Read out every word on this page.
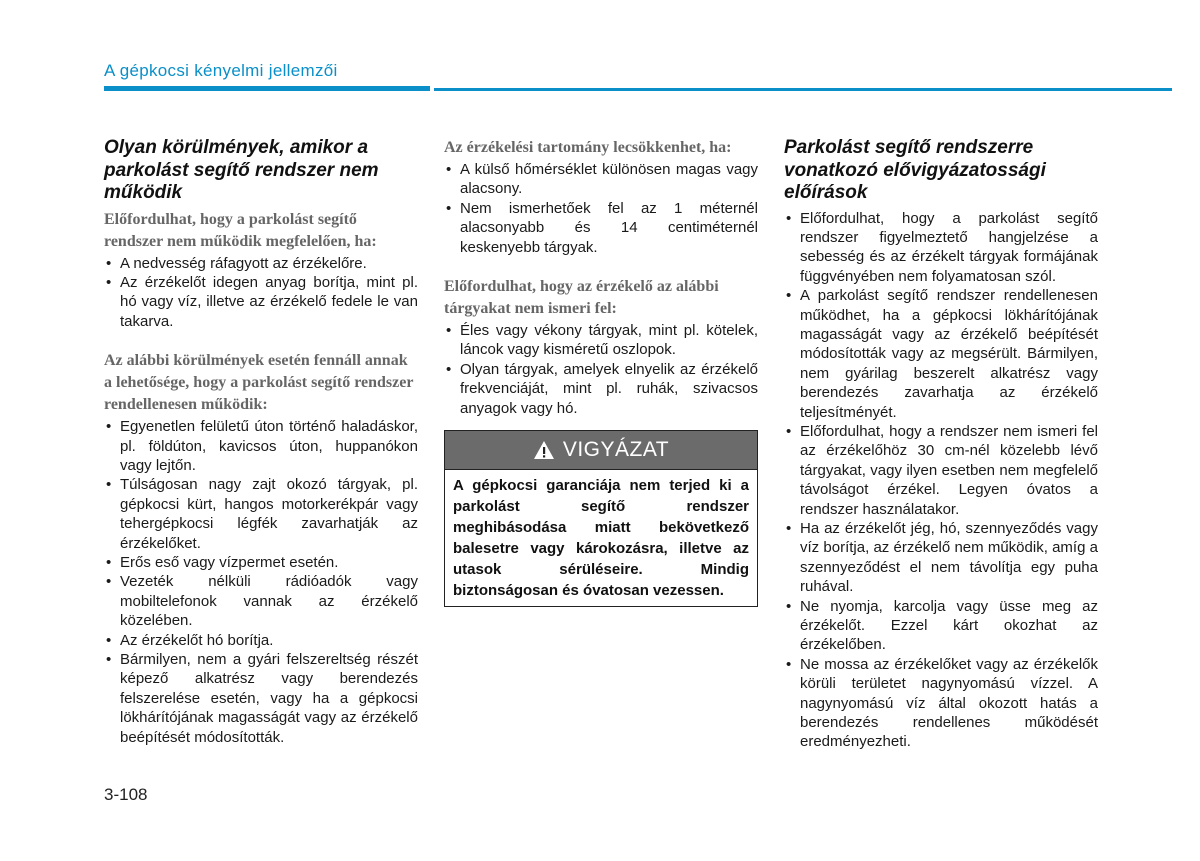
A gépkocsi kényelmi jellemzői
Olyan körülmények, amikor a parkolást segítő rendszer nem működik
Előfordulhat, hogy a parkolást segítő rendszer nem működik megfelelően, ha:
• A nedvesség ráfagyott az érzékelőre.
• Az érzékelőt idegen anyag borítja, mint pl. hó vagy víz, illetve az érzékelő fedele le van takarva.
Az alábbi körülmények esetén fennáll annak a lehetősége, hogy a parkolást segítő rendszer rendellenesen működik:
• Egyenetlen felületű úton történő haladáskor, pl. földúton, kavicsos úton, huppanókon vagy lejtőn.
• Túlságosan nagy zajt okozó tárgyak, pl. gépkocsi kürt, hangos motorkerékpár vagy tehergépkocsi légfék zavarhatják az érzékelőket.
• Erős eső vagy vízpermet esetén.
• Vezeték nélküli rádióadók vagy mobiltelefonok vannak az érzékelő közelében.
• Az érzékelőt hó borítja.
• Bármilyen, nem a gyári felszereltség részét képező alkatrész vagy berendezés felszerelése esetén, vagy ha a gépkocsi lökhárítójának magasságát vagy az érzékelő beépítését módosították.
Az érzékelési tartomány lecsökkenhet, ha:
• A külső hőmérséklet különösen magas vagy alacsony.
• Nem ismerhetőek fel az 1 méternél alacsonyabb és 14 centiméternél keskenyebb tárgyak.
Előfordulhat, hogy az érzékelő az alábbi tárgyakat nem ismeri fel:
• Éles vagy vékony tárgyak, mint pl. kötelek, láncok vagy kisméretű oszlopok.
• Olyan tárgyak, amelyek elnyelik az érzékelő frekvenciáját, mint pl. ruhák, szivacsos anyagok vagy hó.
VIGYÁZAT
A gépkocsi garanciája nem terjed ki a parkolást segítő rendszer meghibásodása miatt bekövetkező balesetre vagy károkozásra, illetve az utasok sérüléseire. Mindig biztonságosan és óvatosan vezessen.
Parkolást segítő rendszerre vonatkozó elővigyázatossági előírások
• Előfordulhat, hogy a parkolást segítő rendszer figyelmeztető hangjelzése a sebesség és az érzékelt tárgyak formájának függvényében nem folyamatosan szól.
• A parkolást segítő rendszer rendellenesen működhet, ha a gépkocsi lökhárítójának magasságát vagy az érzékelő beépítését módosították vagy az megsérült. Bármilyen, nem gyárilag beszerelt alkatrész vagy berendezés zavarhatja az érzékelő teljesítményét.
• Előfordulhat, hogy a rendszer nem ismeri fel az érzékelőhöz 30 cm-nél közelebb lévő tárgyakat, vagy ilyen esetben nem megfelelő távolságot érzékel. Legyen óvatos a rendszer használatakor.
• Ha az érzékelőt jég, hó, szennyeződés vagy víz borítja, az érzékelő nem működik, amíg a szennyeződést el nem távolítja egy puha ruhával.
• Ne nyomja, karcolja vagy üsse meg az érzékelőt. Ezzel kárt okozhat az érzékelőben.
• Ne mossa az érzékelőket vagy az érzékelők körüli területet nagynyomású vízzel. A nagynyomású víz által okozott hatás a berendezés rendellenes működését eredményezheti.
3-108
